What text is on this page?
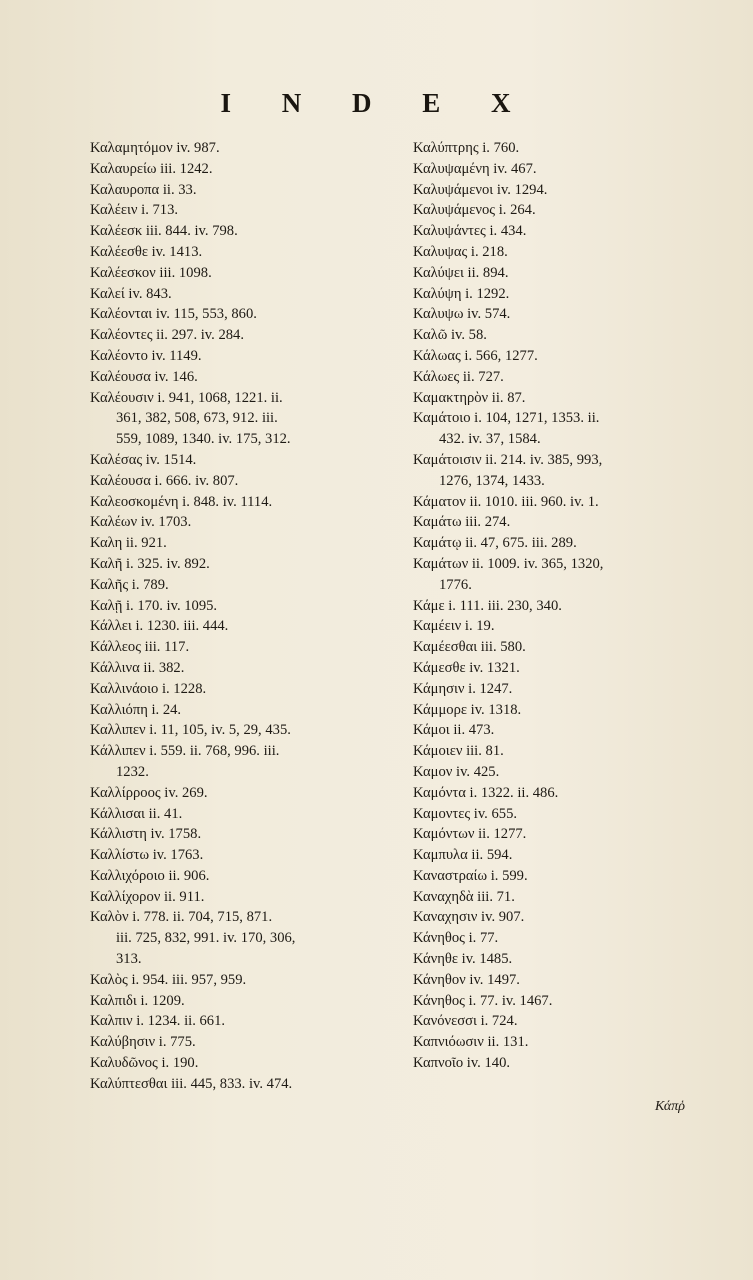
I N D E X
Καλαμητόμον iv. 987.
Καλαυρείω iii. 1242.
Καλαυροπα ii. 33.
Καλέειν i. 713.
Καλέεσκ iii. 844. iv. 798.
Καλέεσθε iv. 1413.
Καλέεσκον iii. 1098.
Καλεί iv. 843.
Καλέονται iv. 115, 553, 860.
Καλέοντες ii. 297. iv. 284.
Καλέοντο iv. 1149.
Καλέουσα iv. 146.
Καλέουσιν i. 941, 1068, 1221. ii.
361, 382, 508, 673, 912. iii.
559, 1089, 1340. iv. 175, 312.
Καλέσας iv. 1514.
Καλέουσα i. 666. iv. 807.
Καλεοσκομένη i. 848. iv. 1114.
Καλέων iv. 1703.
Καλη ii. 921.
Καλῆ i. 325. iv. 892.
Καλῆς i. 789.
Καλῇ i. 170. iv. 1095.
Κάλλει i. 1230. iii. 444.
Κάλλεος iii. 117.
Κάλλινα ii. 382.
Καλλινάοιο i. 1228.
Καλλιόπη i. 24.
Καλλιπεν i. 11, 105, iv. 5, 29, 435.
Κάλλιπεν i. 559. ii. 768, 996. iii.
1232.
Καλλίρροος iv. 269.
Κάλλισαι ii. 41.
Κάλλιστη iv. 1758.
Καλλίστω iv. 1763.
Καλλιχόροιο ii. 906.
Καλλίχορον ii. 911.
Καλὸν i. 778. ii. 704, 715, 871.
iii. 725, 832, 991. iv. 170, 306,
313.
Καλὸς i. 954. iii. 957, 959.
Καλπιδι i. 1209.
Καλπιν i. 1234. ii. 661.
Καλύβησιν i. 775.
Καλυδῶνος i. 190.
Καλύπτεσθαι iii. 445, 833. iv. 474.
Καλύπτρης i. 760.
Καλυψαμένη iv. 467.
Καλυψάμενοι iv. 1294.
Καλυψάμενος i. 264.
Καλυψάντες i. 434.
Καλυψας i. 218.
Καλύψει ii. 894.
Καλύψη i. 1292.
Καλυψω iv. 574.
Καλῶ iv. 58.
Κάλωας i. 566, 1277.
Κάλωες ii. 727.
Καμακτηρὸν ii. 87.
Καμάτοιο i. 104, 1271, 1353. ii.
432. iv. 37, 1584.
Καμάτοισιν ii. 214. iv. 385, 993,
1276, 1374, 1433.
Κάματον ii. 1010. iii. 960. iv. 1.
Καμάτω iii. 274.
Καμάτῳ ii. 47, 675. iii. 289.
Καμάτων ii. 1009. iv. 365, 1320,
1776.
Κάμε i. 111. iii. 230, 340.
Καμέειν i. 19.
Καμέεσθαι iii. 580.
Κάμεσθε iv. 1321.
Κάμησιν i. 1247.
Κάμμορε iv. 1318.
Κάμοι ii. 473.
Κάμοιεν iii. 81.
Καμον iv. 425.
Καμόντα i. 1322. ii. 486.
Καμοντες iv. 655.
Καμόντων ii. 1277.
Καμπυλα ii. 594.
Καναστραίω i. 599.
Καναχηδὰ iii. 71.
Καναχησιν iv. 907.
Κάνηθος i. 77.
Κάνηθε iv. 1485.
Κάνηθον iv. 1497.
Κάνηθος i. 77. iv. 1467.
Κανόνεσσι i. 724.
Καπνιόωσιν ii. 131.
Καπνοῖο iv. 140.
Κάπῥ
